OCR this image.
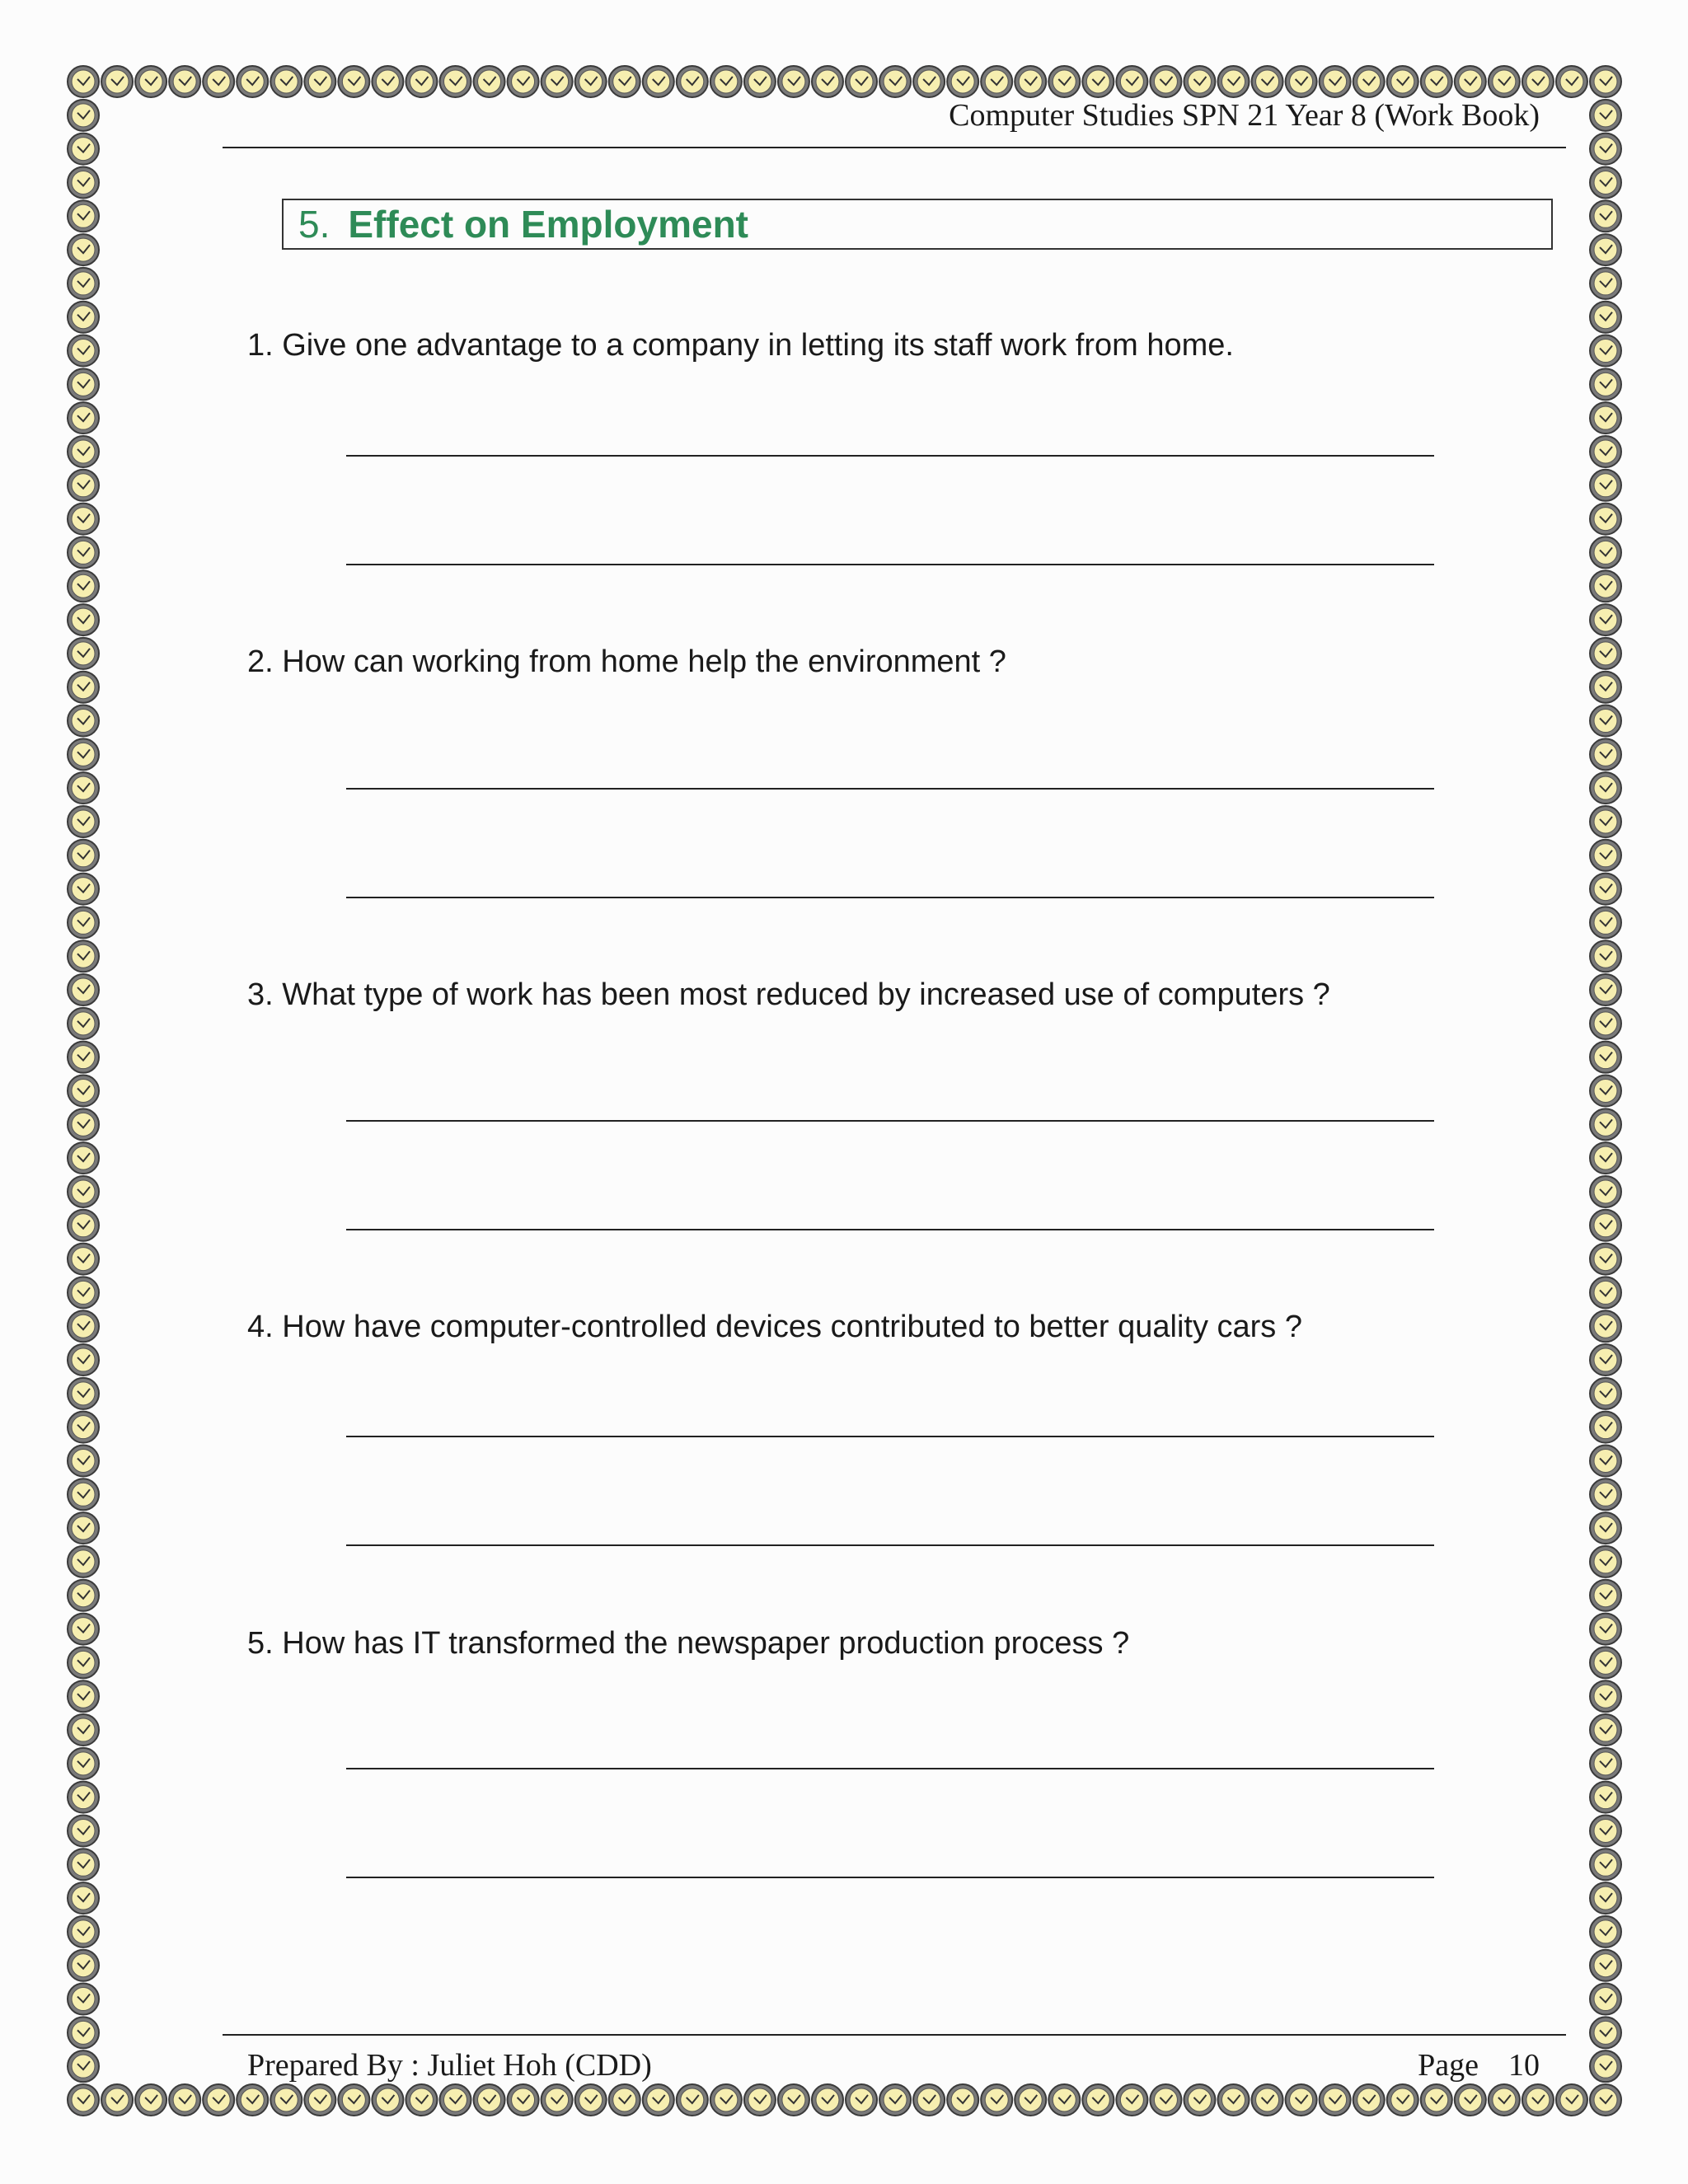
Computer Studies SPN 21 Year 8 (Work Book)
5. Effect on Employment
1. Give one advantage to a company in letting its staff work from home.
2. How can working from home help the environment ?
3. What type of work has been most reduced by increased use of computers ?
4. How have computer-controlled devices contributed to better quality cars ?
5. How has IT transformed the newspaper production process ?
Prepared By : Juliet Hoh (CDD)	Page 10
